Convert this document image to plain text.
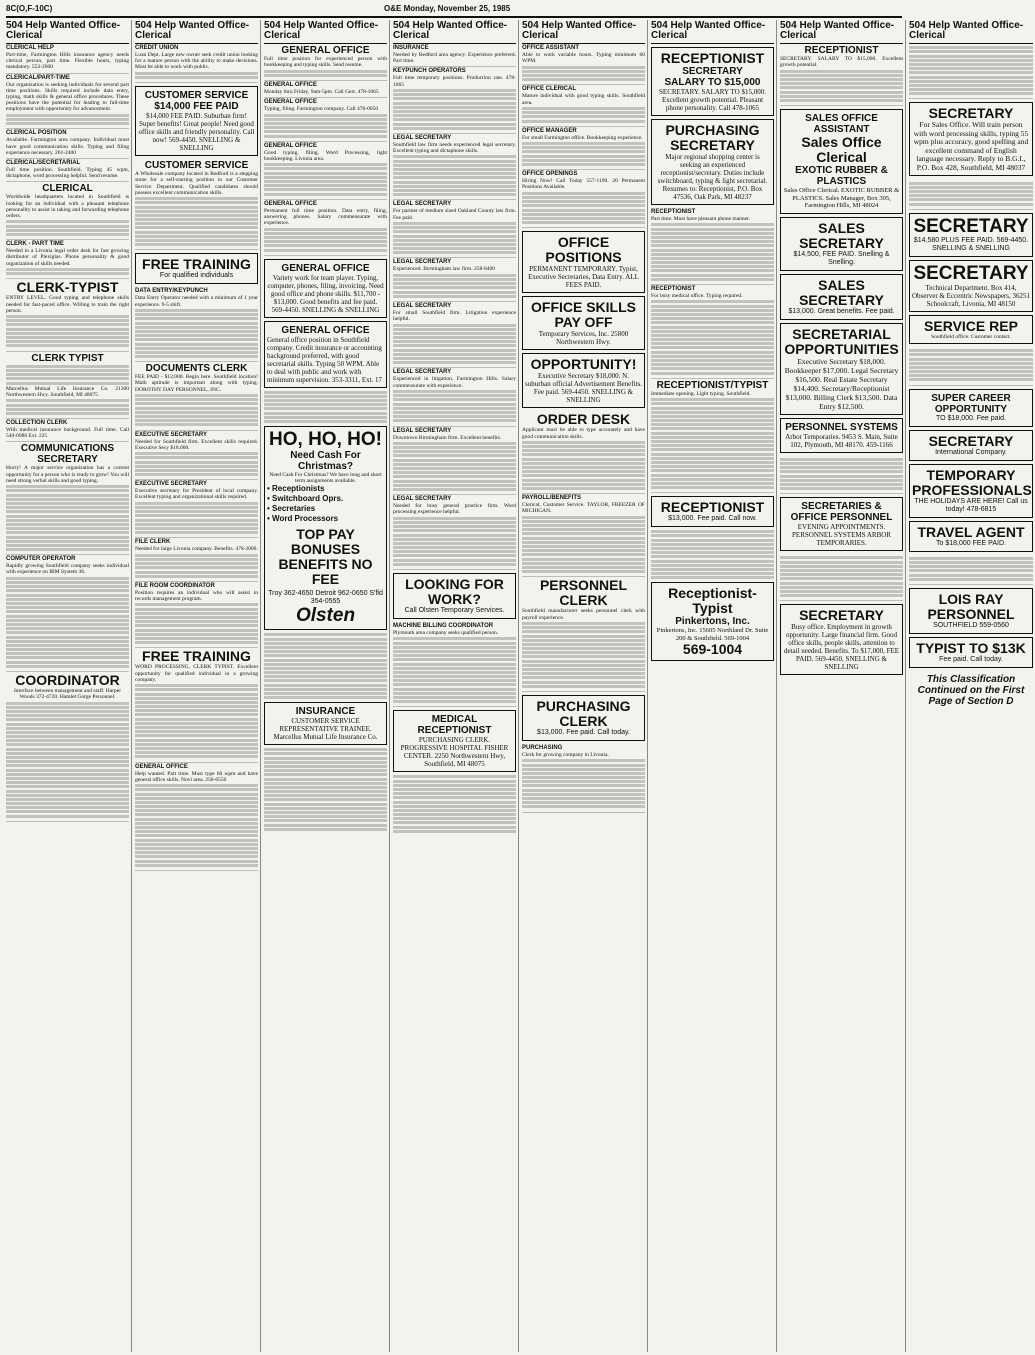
8C(O,F-10C)	O&E Monday, November 25, 1985
504 Help Wanted Office-Clerical
CLERICAL HELP
Part-time, Farmington Hills insurance agency needs clerical person, part time. Flexible hours, typing mandatory. 553-2000
CLERICAL/PART-TIME
Our organization is seeking individuals for several part time positions. Skills required include data entry, typing, math skills & general office procedures. These positions have the potential for leading to full-time employment with opportunity for advancement.
CLERICAL POSITION
Available. Farmington area company. Individual must have good communication skills. Typing and filing experience necessary. 261-2400
CLERICAL/SECRETARIAL
Full time position. Southfield. Typing 45 wpm, dictaphone, word processing helpful. Send resume.
CLERICAL
Worldwide headquarters located in Southfield is looking for an individual with a pleasant telephone personality to assist in taking and forwarding telephone orders.
CLERK - PART TIME
Needed in a Livonia legal order desk for fast growing distributor of Plexiglas. Phone personality & good organization of skills needed.
CLERK-TYPIST
ENTRY LEVEL. Good typing and telephone skills needed for fast-paced office. Willing to train the right person.
CLERK TYPIST
Marcellus Mutual Life Insurance Co. 21300 Northwestern Hwy. Southfield, MI 48075
COLLECTION CLERK
With medical insurance background. Full time. Call 540-0986 Ext. 225
COMMUNICATIONS SECRETARY
Hurry! A major service organization has a current opportunity for a person who is ready to grow! You will need strong verbal skills and good typing.
COMPUTER OPERATOR
Rapidly growing Southfield company seeks individual with experience on IBM System 36.
COORDINATOR
Interface between management and staff. Harper Woods 372-4720. Hamlet Gorge Personnel.
504 Help Wanted Office-Clerical
CREDIT UNION
Loan Dept. Large new owner seek credit union looking for a mature person with the ability to make decisions. Must be able to work with public.
CUSTOMER SERVICE
$14,000 FEE PAID
$14,000 FEE PAID. Suburban firm! Super benefits! Great people! Need good office skills and friendly personality. Call now! 569-4450. SNELLING & SNELLING
CUSTOMER SERVICE
A Wholesale company located in Redford is a stepping stone for a self-starting position in our Customer Service Department. Qualified candidates should possess excellent communication skills.
FREE TRAINING
For qualified individuals
DATA ENTRY/KEYPUNCH
Data Entry Operator needed with a minimum of 1 year experience. 9-5 shift.
DOCUMENTS CLERK
FEE PAID - $12,000. Begin here. Southfield location! Math aptitude is important along with typing. DOROTHY DAY PERSONNEL, INC.
EXECUTIVE SECRETARY
Needed for Southfield firm. Excellent skills required. Executive Secy $18,000.
EXECUTIVE SECRETARY
Executive secretary for President of local company. Excellent typing and organizational skills required.
FILE CLERK
Needed for large Livonia company. Benefits. 478-2000.
FILE ROOM COORDINATOR
Position requires an individual who will assist in records management program.
FREE TRAINING
WORD PROCESSING, CLERK TYPIST. Excellent opportunity for qualified individual in a growing company.
GENERAL OFFICE
Help wanted. Part time. Must type 60 wpm and have general office skills. Novi area. 256-6550
504 Help Wanted Office-Clerical
GENERAL OFFICE
Full time position for experienced person with bookkeeping and typing skills. Send resume.
GENERAL OFFICE
Monday thru Friday, 9am-5pm. Call Gert. 478-1065
GENERAL OFFICE
Typing, filing. Farmington company. Call 476-0050
GENERAL OFFICE
Good typing, filing, Word Processing, light bookkeeping. Livonia area.
GENERAL OFFICE
Permanent full time position. Data entry, filing, answering phones. Salary commensurate with experience.
GENERAL OFFICE
Variety work for team player. Typing, computer, phones, filing, invoicing. Need good office and phone skills. $11,700 - $13,000. Good benefits and fee paid. 569-4450. SNELLING & SNELLING
GENERAL OFFICE
General office position in Southfield company. Credit insurance or accounting background preferred, with good secretarial skills. Typing 50 WPM. Able to deal with public and work with minimum supervision. 353-3311, Ext. 17
HO, HO, HO!
Need Cash For Christmas?
Need Cash For Christmas? We have long and short term assignments available.
• Receptionists
• Switchboard Oprs.
• Secretaries
• Word Processors
TOP PAY BONUSES BENEFITS NO FEE
Troy 362-4650 Detroit 962-0650 S'fld 354-0555
Olsten
INSURANCE
CUSTOMER SERVICE REPRESENTATIVE TRAINEE. Marcellus Mutual Life Insurance Co.
504 Help Wanted Office-Clerical
INSURANCE
Needed by Redford area agency. Experience preferred. Part time.
KEYPUNCH OPERATORS
Full time temporary positions. Production rate. 478-1065
LEGAL SECRETARY
Southfield law firm needs experienced legal secretary. Excellent typing and dictaphone skills.
LEGAL SECRETARY
For partner of medium sized Oakland County law firm. Fee paid.
LEGAL SECRETARY
Experienced. Birmingham law firm. 258-8400
LEGAL SECRETARY
For small Southfield firm. Litigation experience helpful.
LEGAL SECRETARY
Experienced in litigation. Farmington Hills. Salary commensurate with experience.
LEGAL SECRETARY
Downtown Birmingham firm. Excellent benefits.
LEGAL SECRETARY
Needed for busy general practice firm. Word processing experience helpful.
LOOKING FOR WORK?
Call Olsten Temporary Services.
MACHINE BILLING COORDINATOR
Plymouth area company seeks qualified person.
MEDICAL RECEPTIONIST
PURCHASING CLERK. PROGRESSIVE HOSPITAL FISHER CENTER. 2250 Northwestern Hwy, Southfield, MI 48075
504 Help Wanted Office-Clerical
OFFICE ASSISTANT
Able to work variable hours. Typing minimum 60 WPM.
OFFICE CLERICAL
Mature individual with good typing skills. Southfield area.
OFFICE MANAGER
For small Farmington office. Bookkeeping experience.
OFFICE OPENINGS
Hiring Now! Call Today 557-1190. 20 Permanent Positions Available.
OFFICE POSITIONS
PERMANENT TEMPORARY. Typist, Executive Secretaries, Data Entry. ALL FEES PAID.
OFFICE SKILLS PAY OFF
Temporary Services, Inc. 25800 Northwestern Hwy.
OPPORTUNITY!
Executive Secretary $18,000. N. suburban official Advertisement Benefits. Fee paid. 569-4450. SNELLING & SNELLING
ORDER DESK
Applicant must be able to type accurately and have good communication skills.
PAYROLL/BENEFITS
Clerical, Customer Service. TAYLOR, FREEZER OF MICHIGAN.
PERSONNEL CLERK
Southfield manufacturer seeks personnel clerk with payroll experience.
PURCHASING CLERK
$13,000. Fee paid. Call today.
PURCHASING
Clerk for growing company in Livonia.
504 Help Wanted Office-Clerical
RECEPTIONIST
SECRETARY
SALARY TO $15,000
SECRETARY. SALARY TO $15,000. Excellent growth potential. Pleasant phone personality. Call 478-1065
PURCHASING SECRETARY
Major regional shopping center is seeking an experienced receptionist/secretary. Duties include switchboard, typing & light secretarial. Resumes to: Receptionist, P.O. Box 47536, Oak Park, MI 48237
RECEPTIONIST
Part time. Must have pleasant phone manner.
RECEPTIONIST
For busy medical office. Typing required.
RECEPTIONIST/TYPIST
Immediate opening. Light typing. Southfield.
RECEPTIONIST
$13,000. Fee paid. Call now.
Receptionist-Typist
Pinkertons, Inc.
Pinkertons, Inc. 15605 Northland Dr. Suite 200 & Southfield. 569-1004
569-1004
504 Help Wanted Office-Clerical
RECEPTIONIST
SECRETARY. SALARY TO $15,000. Excellent growth potential.
SALES OFFICE ASSISTANT
Sales Office Clerical
EXOTIC RUBBER & PLASTICS
Sales Office Clerical. EXOTIC RUBBER & PLASTICS. Sales Manager, Box 395, Farmington Hills, MI 48024
SALES SECRETARY
$14,500, FEE PAID. Snelling & Snelling.
SALES SECRETARY
$13,000. Great benefits. Fee paid.
SECRETARIAL OPPORTUNITIES
Executive Secretary $18,000. Bookkeeper $17,000. Legal Secretary $16,500. Real Estate Secretary $14,400. Secretary/Receptionist $13,000. Billing Clerk $13,500. Data Entry $12,500.
PERSONNEL SYSTEMS
Arbor Temporaries. 9453 S. Main, Suite 102, Plymouth, MI 48170. 459-1166
SECRETARIES & OFFICE PERSONNEL
EVENING APPOINTMENTS. PERSONNEL SYSTEMS ARBOR TEMPORARIES.
SECRETARY
Busy office. Employment in growth opportunity. Large financial firm. Good office skills, people skills, attention to detail needed. Benefits. To $17,000, FEE PAID. 569-4450. SNELLING & SNELLING
504 Help Wanted Office-Clerical
SECRETARY
For Sales Office. Will train person with word processing skills, typing 55 wpm plus accuracy, good spelling and excellent command of English language necessary. Reply to B.G.I., P.O. Box 428, Southfield, MI 48037
SECRETARY
$14,580 PLUS FEE PAID. 569-4450. SNELLING & SNELLING
SECRETARY
Technical Department. Box 414, Observer & Eccentric Newspapers, 36251 Schoolcraft, Livonia, MI 48150
SERVICE REP
Southfield office. Customer contact.
SUPER CAREER OPPORTUNITY
TO $18,000. Fee paid.
SECRETARY
International Company.
TEMPORARY PROFESSIONALS
THE HOLIDAYS ARE HERE! Call us today! 478-6815
TRAVEL AGENT
To $18,000 FEE PAID.
LOIS RAY PERSONNEL
SOUTHFIELD 559-0560
TYPIST TO $13K
Fee paid. Call today.
This Classification Continued on the First Page of Section D
